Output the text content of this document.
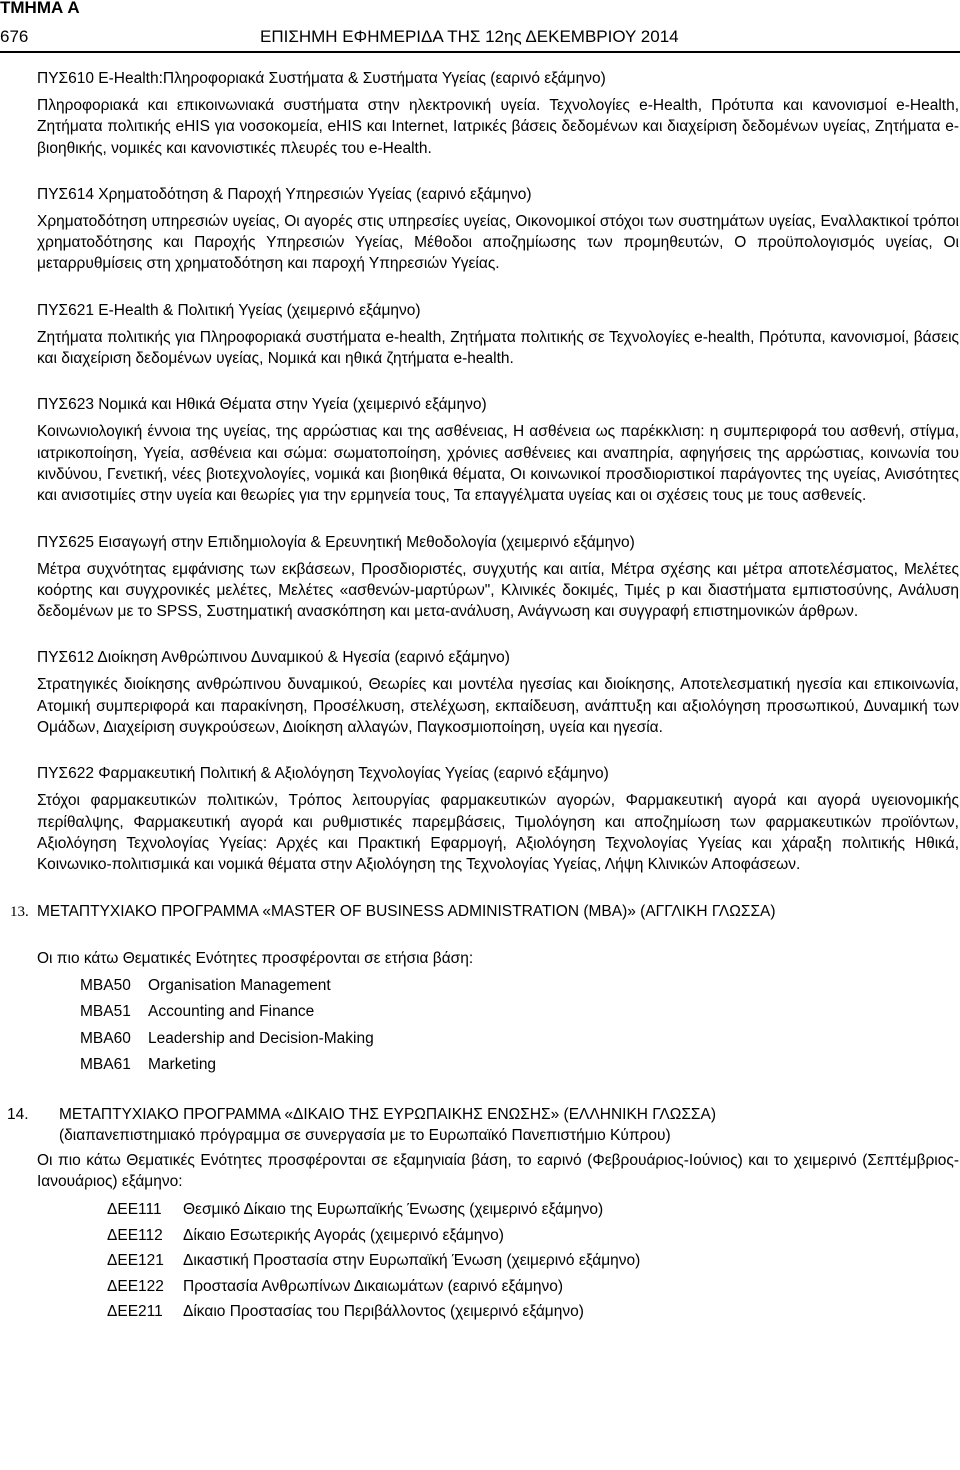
ΤΜΗΜΑ Α
676	ΕΠΙΣΗΜΗ ΕΦΗΜΕΡΙΔΑ ΤΗΣ 12ης ΔΕΚΕΜΒΡΙΟΥ 2014
ΠΥΣ610 E-Health:Πληροφοριακά Συστήματα & Συστήματα Υγείας (εαρινό εξάμηνο)

Πληροφοριακά και επικοινωνιακά συστήματα στην ηλεκτρονική υγεία. Τεχνολογίες e-Health, Πρότυπα και κανονισμοί e-Health, Ζητήματα πολιτικής eHIS για νοσοκομεία, eHIS και Internet, Ιατρικές βάσεις δεδομένων και διαχείριση δεδομένων υγείας, Ζητήματα e-βιοηθικής, νομικές και κανονιστικές πλευρές του e-Health.

ΠΥΣ614 Χρηματοδότηση & Παροχή Υπηρεσιών Υγείας (εαρινό εξάμηνο)

Χρηματοδότηση υπηρεσιών υγείας, Οι αγορές στις υπηρεσίες υγείας, Οικονομικοί στόχοι των συστημάτων υγείας, Εναλλακτικοί τρόποι χρηματοδότησης και Παροχής Υπηρεσιών Υγείας, Μέθοδοι αποζημίωσης των προμηθευτών, Ο προϋπολογισμός υγείας, Οι μεταρρυθμίσεις στη χρηματοδότηση και παροχή Υπηρεσιών Υγείας.

ΠΥΣ621 E-Health & Πολιτική Υγείας (χειμερινό εξάμηνο)

Ζητήματα πολιτικής για Πληροφοριακά συστήματα e-health, Ζητήματα πολιτικής σε Τεχνολογίες e-health, Πρότυπα, κανονισμοί, βάσεις και διαχείριση δεδομένων υγείας, Νομικά και ηθικά ζητήματα e-health.

ΠΥΣ623 Νομικά και Ηθικά Θέματα στην Υγεία (χειμερινό εξάμηνο)

Κοινωνιολογική έννοια της υγείας, της αρρώστιας και της ασθένειας, Η ασθένεια ως παρέκκλιση: η συμπεριφορά του ασθενή, στίγμα, ιατρικοποίηση, Υγεία, ασθένεια και σώμα: σωματοποίηση, χρόνιες ασθένειες και αναπηρία, αφηγήσεις της αρρώστιας, κοινωνία του κινδύνου, Γενετική, νέες βιοτεχνολογίες, νομικά και βιοηθικά θέματα, Οι κοινωνικοί προσδιοριστικοί παράγοντες της υγείας, Ανισότητες και ανισοτιμίες στην υγεία και θεωρίες για την ερμηνεία τους, Τα επαγγέλματα υγείας και οι σχέσεις τους με τους ασθενείς.

ΠΥΣ625 Εισαγωγή στην Επιδημιολογία & Ερευνητική Μεθοδολογία (χειμερινό εξάμηνο)

Μέτρα συχνότητας εμφάνισης των εκβάσεων, Προσδιοριστές, συγχυτής και αιτία, Μέτρα σχέσης και μέτρα αποτελέσματος, Μελέτες κοόρτης και συγχρονικές μελέτες, Μελέτες «ασθενών-μαρτύρων", Κλινικές δοκιμές, Τιμές p και διαστήματα εμπιστοσύνης, Ανάλυση δεδομένων με το SPSS, Συστηματική ανασκόπηση και μετα-ανάλυση, Ανάγνωση και συγγραφή επιστημονικών άρθρων.

ΠΥΣ612 Διοίκηση Ανθρώπινου Δυναμικού & Ηγεσία (εαρινό εξάμηνο)

Στρατηγικές διοίκησης ανθρώπινου δυναμικού, Θεωρίες και μοντέλα ηγεσίας και διοίκησης, Αποτελεσματική ηγεσία και επικοινωνία, Ατομική συμπεριφορά και παρακίνηση, Προσέλκυση, στελέχωση, εκπαίδευση, ανάπτυξη και αξιολόγηση προσωπικού, Δυναμική των Ομάδων, Διαχείριση συγκρούσεων, Διοίκηση αλλαγών, Παγκοσμιοποίηση, υγεία και ηγεσία.

ΠΥΣ622 Φαρμακευτική Πολιτική & Αξιολόγηση Τεχνολογίας Υγείας (εαρινό εξάμηνο)

Στόχοι φαρμακευτικών πολιτικών, Τρόπος λειτουργίας φαρμακευτικών αγορών, Φαρμακευτική αγορά και αγορά υγειονομικής περίθαλψης, Φαρμακευτική αγορά και ρυθμιστικές παρεμβάσεις, Τιμολόγηση και αποζημίωση των φαρμακευτικών προϊόντων, Αξιολόγηση Τεχνολογίας Υγείας: Αρχές και Πρακτική Εφαρμογή, Αξιολόγηση Τεχνολογίας Υγείας και χάραξη πολιτικής Ηθικά, Κοινωνικο-πολιτισμικά και νομικά θέματα στην Αξιολόγηση της Τεχνολογίας Υγείας, Λήψη Κλινικών Αποφάσεων.

13. ΜΕΤΑΠΤΥΧΙΑΚΟ ΠΡΟΓΡΑΜΜΑ «MASTER OF BUSINESS ADMINISTRATION (MBA)» (ΑΓΓΛΙΚΗ ΓΛΩΣΣΑ)

Οι πιο κάτω Θεματικές Ενότητες προσφέρονται σε ετήσια βάση:

MBA50 Organisation Management
MBA51 Accounting and Finance
MBA60 Leadership and Decision-Making
MBA61 Marketing
14. ΜΕΤΑΠΤΥΧΙΑΚΟ ΠΡΟΓΡΑΜΜΑ «ΔΙΚΑΙΟ ΤΗΣ ΕΥΡΩΠΑΙΚΗΣ ΕΝΩΣΗΣ» (ΕΛΛΗΝΙΚΗ ΓΛΩΣΣΑ)
(διαπανεπιστημιακό πρόγραμμα σε συνεργασία με το Ευρωπαϊκό Πανεπιστήμιο Κύπρου)

Οι πιο κάτω Θεματικές Ενότητες προσφέρονται σε εξαμηνιαία βάση, το εαρινό (Φεβρουάριος-Ιούνιος) και το χειμερινό (Σεπτέμβριος-Ιανουάριος) εξάμηνο:

ΔΕΕ111 Θεσμικό Δίκαιο της Ευρωπαϊκής Ένωσης (χειμερινό εξάμηνο)
ΔΕΕ112 Δίκαιο Εσωτερικής Αγοράς (χειμερινό εξάμηνο)
ΔΕΕ121 Δικαστική Προστασία στην Ευρωπαϊκή Ένωση (χειμερινό εξάμηνο)
ΔΕΕ122 Προστασία Ανθρωπίνων Δικαιωμάτων (εαρινό εξάμηνο)
ΔΕΕ211 Δίκαιο Προστασίας του Περιβάλλοντος (χειμερινό εξάμηνο)
